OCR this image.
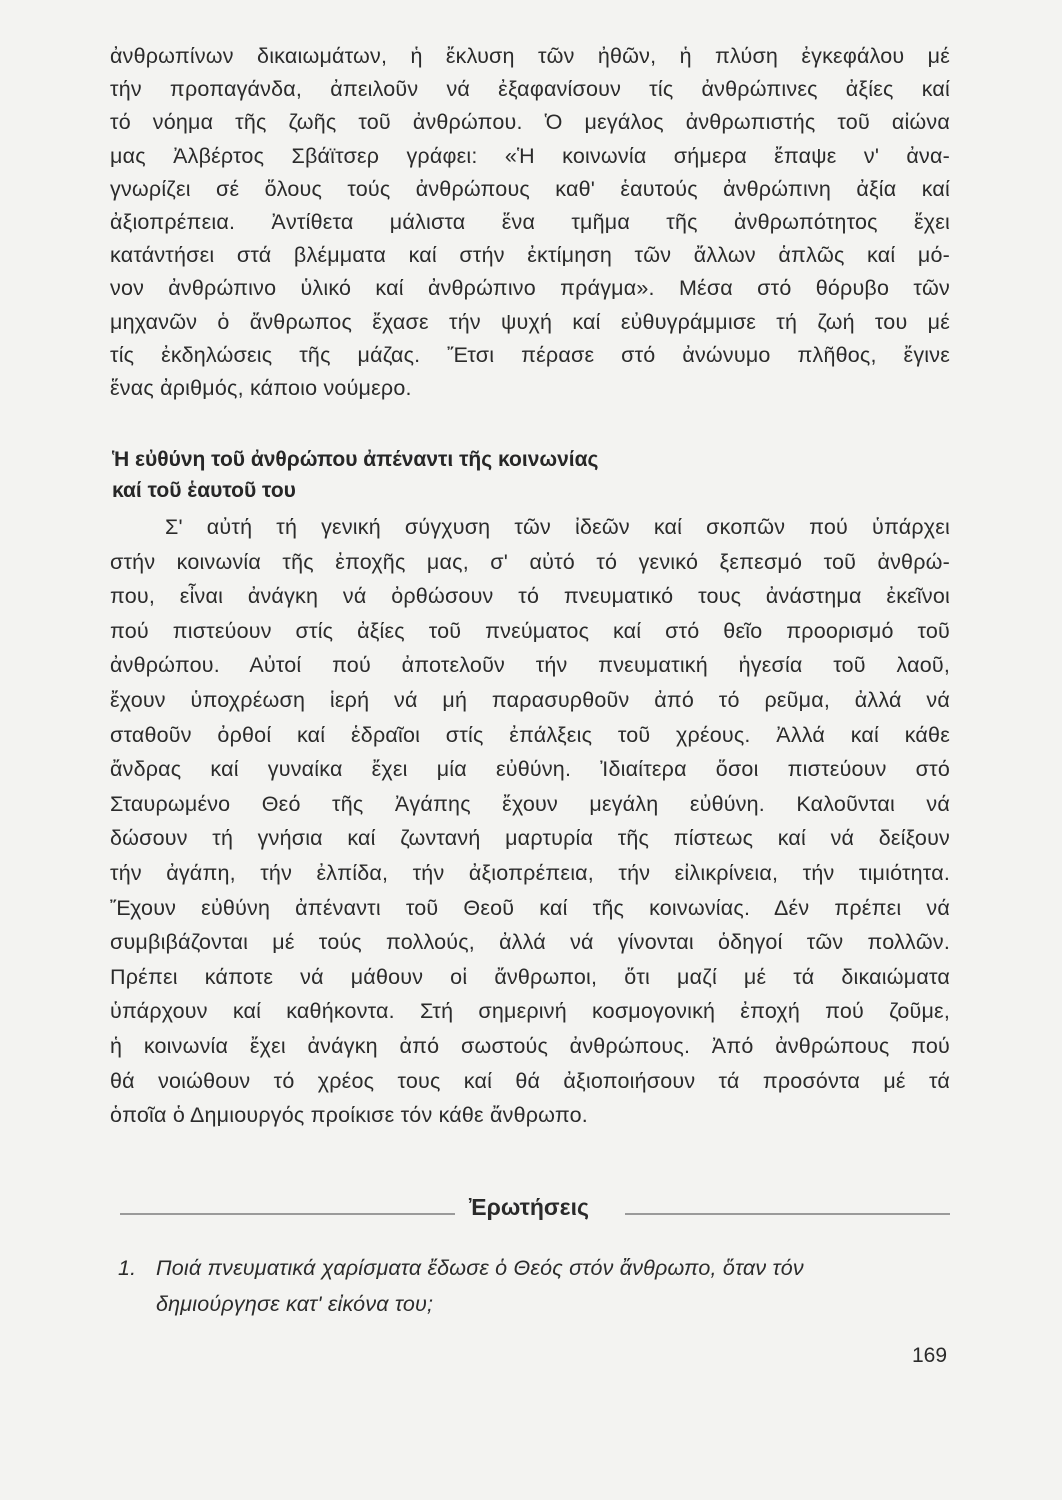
ἀνθρωπίνων δικαιωμάτων, ἡ ἔκλυση τῶν ἠθῶν, ἡ πλύση ἐγκεφάλου μέ
τήν προπαγάνδα, ἀπειλοῦν νά ἐξαφανίσουν τίς ἀνθρώπινες ἀξίες καί
τό νόημα τῆς ζωῆς τοῦ ἀνθρώπου. Ὁ μεγάλος ἀνθρωπιστής τοῦ αἰώνα
μας Ἀλβέρτος Σβάϊτσερ γράφει: «Ἡ κοινωνία σήμερα ἔπαψε ν' ἀνα-
γνωρίζει σέ ὅλους τούς ἀνθρώπους καθ' ἑαυτούς ἀνθρώπινη ἀξία καί
ἀξιοπρέπεια. Ἀντίθετα μάλιστα ἕνα τμῆμα τῆς ἀνθρωπότητος ἔχει
κατάντήσει στά βλέμματα καί στήν ἐκτίμηση τῶν ἄλλων ἁπλῶς καί μό-
νον ἀνθρώπινο ὑλικό καί ἀνθρώπινο πράγμα». Μέσα στό θόρυβο τῶν
μηχανῶν ὁ ἄνθρωπος ἔχασε τήν ψυχή καί εὐθυγράμμισε τή ζωή του μέ
τίς ἐκδηλώσεις τῆς μάζας. Ἔτσι πέρασε στό ἀνώνυμο πλῆθος, ἔγινε
ἕνας ἀριθμός, κάποιο νούμερο.
Ἡ εὐθύνη τοῦ ἀνθρώπου ἀπέναντι τῆς κοινωνίας
καί τοῦ ἑαυτοῦ του
Σ' αὐτή τή γενική σύγχυση τῶν ἰδεῶν καί σκοπῶν πού ὑπάρχει
στήν κοινωνία τῆς ἐποχῆς μας, σ' αὐτό τό γενικό ξεπεσμό τοῦ ἀνθρώ-
που, εἶναι ἀνάγκη νά ὀρθώσουν τό πνευματικό τους ἀνάστημα ἐκεῖνοι
πού πιστεύουν στίς ἀξίες τοῦ πνεύματος καί στό θεῖο προορισμό τοῦ
ἀνθρώπου. Αὐτοί πού ἀποτελοῦν τήν πνευματική ἡγεσία τοῦ λαοῦ,
ἔχουν ὑποχρέωση ἱερή νά μή παρασυρθοῦν ἀπό τό ρεῦμα, ἀλλά νά
σταθοῦν ὀρθοί καί ἑδραῖοι στίς ἐπάλξεις τοῦ χρέους. Ἀλλά καί κάθε
ἄνδρας καί γυναίκα ἔχει μία εὐθύνη. Ἰδιαίτερα ὅσοι πιστεύουν στό
Σταυρωμένο Θεό τῆς Ἀγάπης ἔχουν μεγάλη εὐθύνη. Καλοῦνται νά
δώσουν τή γνήσια καί ζωντανή μαρτυρία τῆς πίστεως καί νά δείξουν
τήν ἀγάπη, τήν ἐλπίδα, τήν ἀξιοπρέπεια, τήν εἰλικρίνεια, τήν τιμιότητα.
Ἔχουν εὐθύνη ἀπέναντι τοῦ Θεοῦ καί τῆς κοινωνίας. Δέν πρέπει νά
συμβιβάζονται μέ τούς πολλούς, ἀλλά νά γίνονται ὁδηγοί τῶν πολλῶν.
Πρέπει κάποτε νά μάθουν οἱ ἄνθρωποι, ὅτι μαζί μέ τά δικαιώματα
ὑπάρχουν καί καθήκοντα. Στή σημερινή κοσμογονική ἐποχή πού ζοῦμε,
ἡ κοινωνία ἔχει ἀνάγκη ἀπό σωστούς ἀνθρώπους. Ἀπό ἀνθρώπους πού
θά νοιώθουν τό χρέος τους καί θά ἀξιοποιήσουν τά προσόντα μέ τά
ὁποῖα ὁ Δημιουργός προίκισε τόν κάθε ἄνθρωπο.
Ἐρωτήσεις
1. Ποιά πνευματικά χαρίσματα ἔδωσε ὁ Θεός στόν ἄνθρωπο, ὅταν τόν
δημιούργησε κατ' εἰκόνα του;
169
